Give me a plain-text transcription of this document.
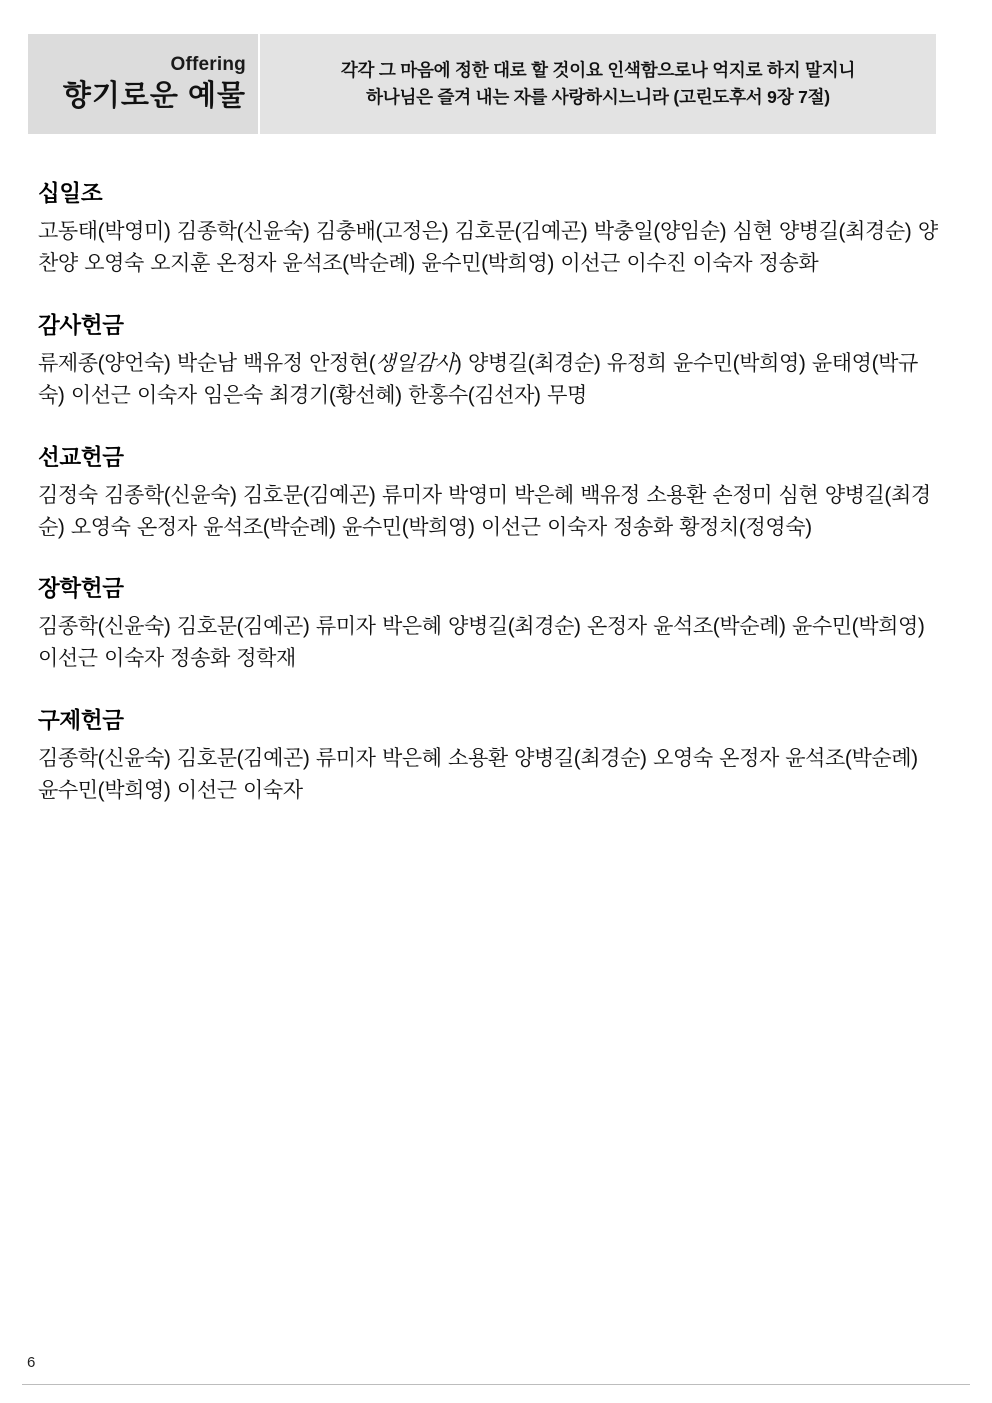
Offering
향기로운 예물
각각 그 마음에 정한 대로 할 것이요 인색함으로나 억지로 하지 말지니
하나님은 즐겨 내는 자를 사랑하시느니라 (고린도후서 9장 7절)
십일조
고동태(박영미) 김종학(신윤숙) 김충배(고정은) 김호문(김예곤) 박충일(양임순) 심현 양병길(최경순) 양찬양 오영숙 오지훈 온정자 윤석조(박순례) 윤수민(박희영) 이선근 이수진 이숙자 정송화
감사헌금
류제종(양언숙) 박순남 백유정 안정현(생일감사) 양병길(최경순) 유정희 윤수민(박희영) 윤태영(박규숙) 이선근 이숙자 임은숙 최경기(황선혜) 한홍수(김선자) 무명
선교헌금
김정숙 김종학(신윤숙) 김호문(김예곤) 류미자 박영미 박은혜 백유정 소용환 손정미 심현 양병길(최경순) 오영숙 온정자 윤석조(박순례) 윤수민(박희영) 이선근 이숙자 정송화 황정치(정영숙)
장학헌금
김종학(신윤숙) 김호문(김예곤) 류미자 박은혜 양병길(최경순) 온정자 윤석조(박순례) 윤수민(박희영) 이선근 이숙자 정송화 정학재
구제헌금
김종학(신윤숙) 김호문(김예곤) 류미자 박은혜 소용환 양병길(최경순) 오영숙 온정자 윤석조(박순례) 윤수민(박희영) 이선근 이숙자
6
